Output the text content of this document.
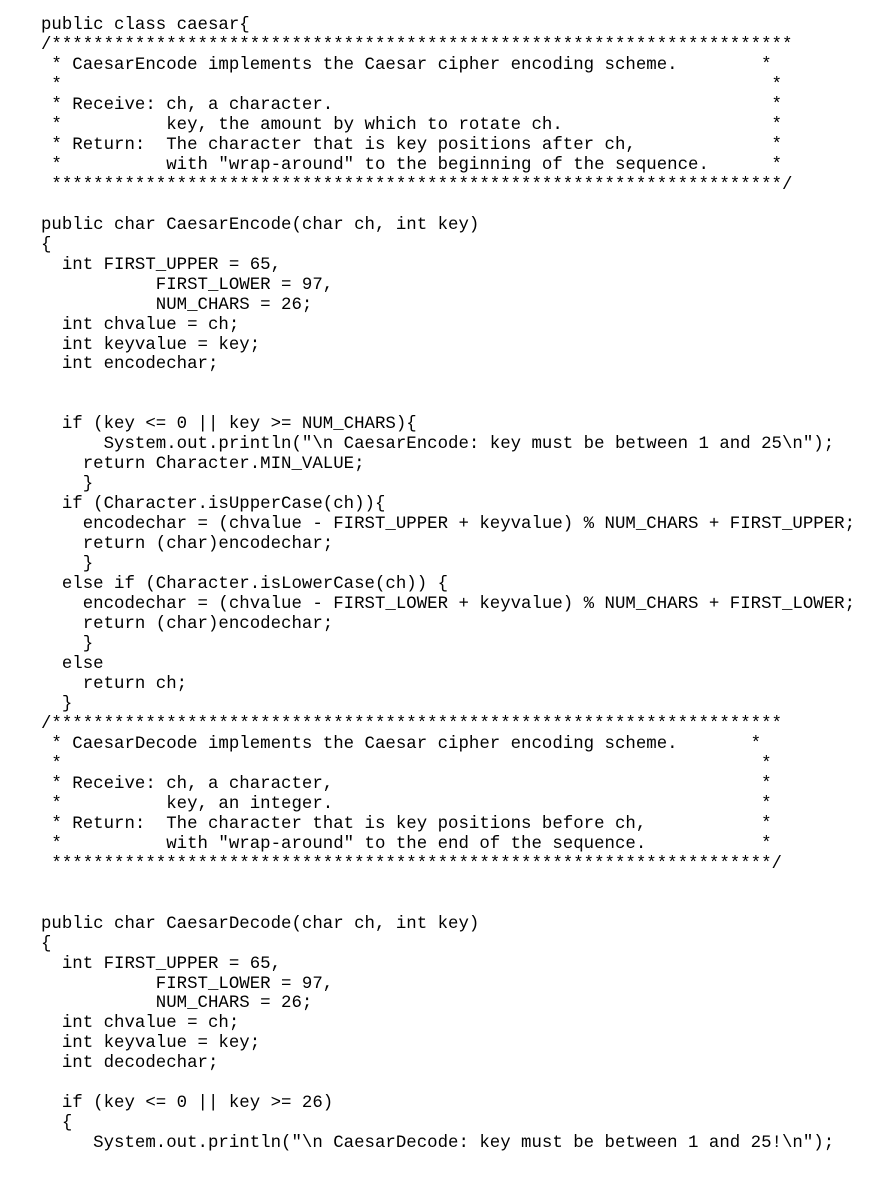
public class caesar{
/***********************************************************************
* CaesarEncode implements the Caesar cipher encoding scheme.        *
*                                                                    *
* Receive: ch, a character.                                          *
*          key, the amount by which to rotate ch.                    *
* Return:  The character that is key positions after ch,             *
*          with "wrap-around" to the beginning of the sequence.      *
**********************************************************************/
public char CaesarEncode(char ch, int key)
{
int FIRST_UPPER = 65,
FIRST_LOWER = 97,
NUM_CHARS = 26;
int chvalue = ch;
int keyvalue = key;
int encodechar;
if (key <= 0 || key >= NUM_CHARS){
System.out.println("\n CaesarEncode: key must be between 1 and 25\n");
return Character.MIN_VALUE;
}
if (Character.isUpperCase(ch)){
encodechar = (chvalue - FIRST_UPPER + keyvalue) % NUM_CHARS + FIRST_UPPER;
return (char)encodechar;
}
else if (Character.isLowerCase(ch)) {
encodechar = (chvalue - FIRST_LOWER + keyvalue) % NUM_CHARS + FIRST_LOWER;
return (char)encodechar;
}
else
return ch;
}
/**********************************************************************
* CaesarDecode implements the Caesar cipher encoding scheme.       *
*                                                                   *
* Receive: ch, a character,                                         *
*          key, an integer.                                         *
* Return:  The character that is key positions before ch,           *
*          with "wrap-around" to the end of the sequence.           *
*********************************************************************/
public char CaesarDecode(char ch, int key)
{
int FIRST_UPPER = 65,
FIRST_LOWER = 97,
NUM_CHARS = 26;
int chvalue = ch;
int keyvalue = key;
int decodechar;
if (key <= 0 || key >= 26)
{
System.out.println("\n CaesarDecode: key must be between 1 and 25!\n");
